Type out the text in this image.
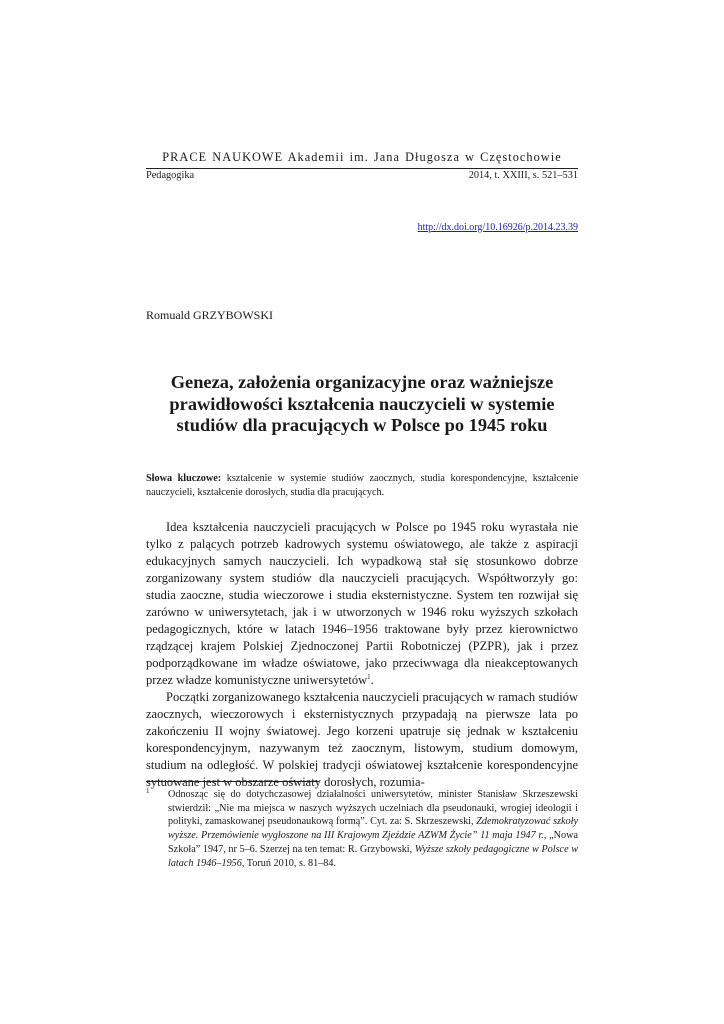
PRACE NAUKOWE Akademii im. Jana Długosza w Częstochowie
Pedagogika	2014, t. XXIII, s. 521–531
http://dx.doi.org/10.16926/p.2014.23.39
Romuald GRZYBOWSKI
Geneza, założenia organizacyjne oraz ważniejsze
prawidłowości kształcenia nauczycieli w systemie
studiów dla pracujących w Polsce po 1945 roku
Słowa kluczowe: kształcenie w systemie studiów zaocznych, studia korespondencyjne, kształcenie nauczycieli, kształcenie dorosłych, studia dla pracujących.

Idea kształcenia nauczycieli pracujących w Polsce po 1945 roku wyrastała nie tylko z palących potrzeb kadrowych systemu oświatowego, ale także z aspiracji edukacyjnych samych nauczycieli. Ich wypadkową stał się stosunkowo dobrze zorganizowany system studiów dla nauczycieli pracujących. Współtworzyły go: studia zaoczne, studia wieczorowe i studia eksternistyczne. System ten rozwijał się zarówno w uniwersytetach, jak i w utworzonych w 1946 roku wyższych szkołach pedagogicznych, które w latach 1946–1956 traktowane były przez kierownictwo rządzącej krajem Polskiej Zjednoczonej Partii Robotniczej (PZPR), jak i przez podporządkowane im władze oświatowe, jako przeciwwaga dla nieakceptowanych przez władze komunistyczne uniwersytetów$^1$.

Początki zorganizowanego kształcenia nauczycieli pracujących w ramach studiów zaocznych, wieczorowych i eksternistycznych przypadają na pierwsze lata po zakończeniu II wojny światowej. Jego korzeni upatruje się jednak w kształceniu korespondencyjnym, nazywanym też zaocznym, listowym, studium domowym, studium na odległość. W polskiej tradycji oświatowej kształcenie korespondencyjne sytuowane jest w obszarze oświaty dorosłych, rozumia-

1 Odnosząc się do dotychczasowej działalności uniwersytetów, minister Stanisław Skrzeszewski stwierdził: „Nie ma miejsca w naszych wyższych uczelniach dla pseudonauki, wrogiej ideologii i polityki, zamaskowanej pseudonaukową formą”. Cyt. za: S. Skrzeszewski, Zdemokratyzować szkoły wyższe. Przemówienie wygłoszone na III Krajowym Zjeździe AZWM Życie” 11 maja 1947 r., „Nowa Szkoła” 1947, nr 5–6. Szerzej na ten temat: R. Grzybowski, Wyższe szkoły pedagogiczne w Polsce w latach 1946–1956, Toruń 2010, s. 81–84.
